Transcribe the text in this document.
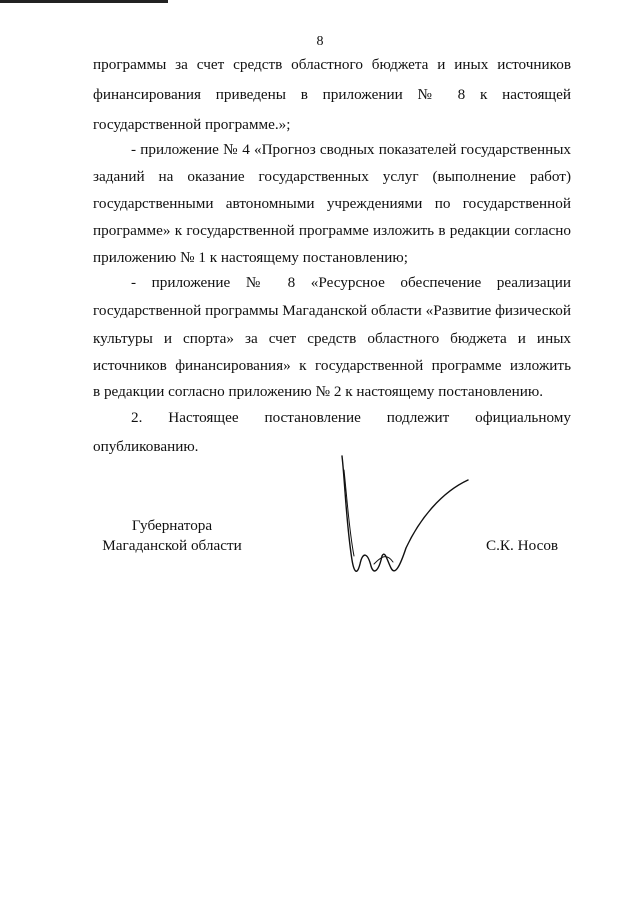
8
программы за счет средств областного бюджета и иных источников
финансирования приведены в приложении № 8 к настоящей
государственной программе.»;
- приложение № 4 «Прогноз сводных показателей государственных
заданий на оказание государственных услуг (выполнение работ)
государственными автономными учреждениями по государственной
программе» к государственной программе изложить в редакции согласно
приложению № 1 к настоящему постановлению;
- приложение № 8 «Ресурсное обеспечение реализации
государственной программы Магаданской области «Развитие физической
культуры и спорта» за счет средств областного бюджета и иных
источников финансирования» к государственной программе изложить
в редакции согласно приложению № 2 к настоящему постановлению.
2. Настоящее постановление подлежит официальному
опубликованию.
Губернатора
Магаданской области	С.К. Носов
